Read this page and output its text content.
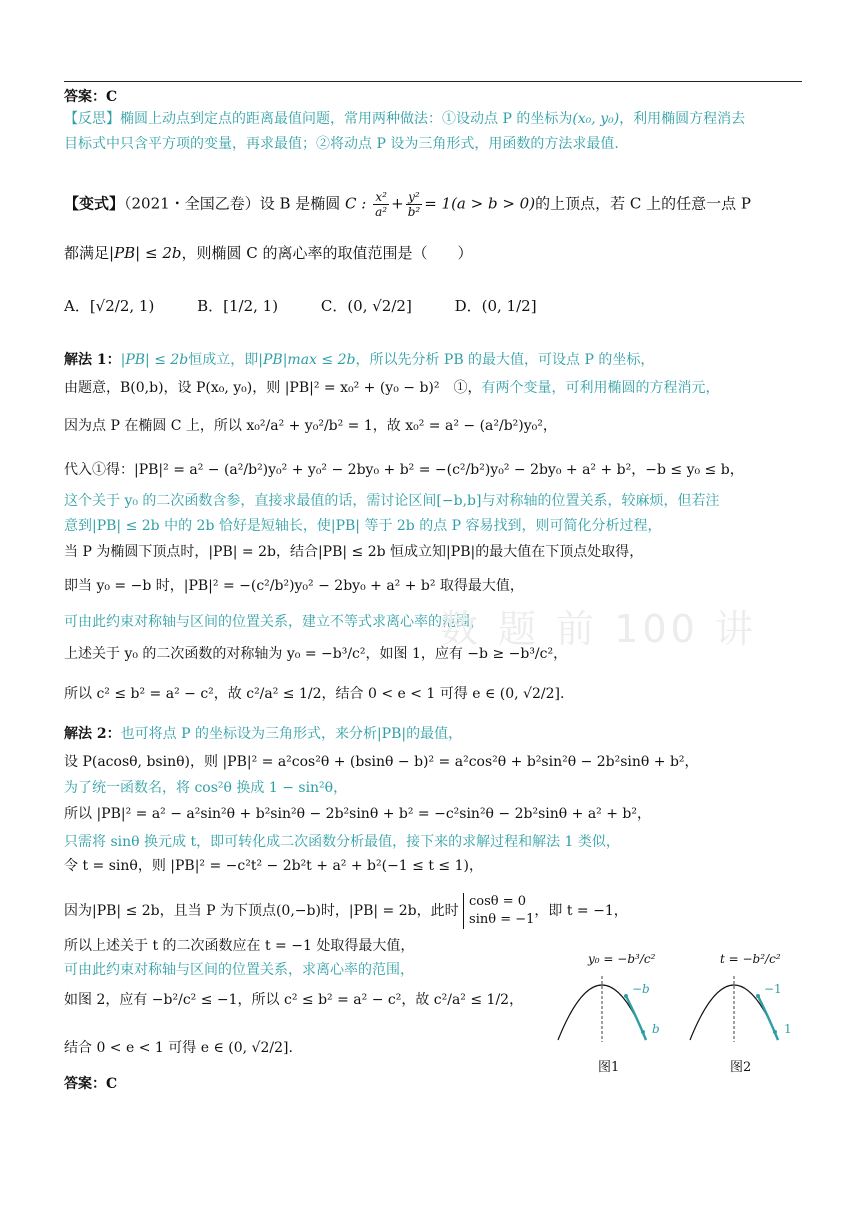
答案：C
【反思】椭圆上动点到定点的距离最值问题，常用两种做法：①设动点 P 的坐标为(x₀, y₀)，利用椭圆方程消去
目标式中只含平方项的变量，再求最值；②将动点 P 设为三角形式，用函数的方法求最值.
【变式】（2021・全国乙卷）设 B 是椭圆 C : $\frac{\text{x²}}{\text{a²}} + \frac{\text{y²}}{\text{b²}} = 1(a > b > 0)$的上顶点，若 C 上的任意一点 P
都满足|PB| ≤ 2b，则椭圆 C 的离心率的取值范围是（　　）
A．[√2/2, 1)	B．[1/2, 1)	C．(0, √2/2]	D．(0, 1/2]
解法 1：|PB| ≤ 2b恒成立，即|PB|max ≤ 2b，所以先分析 PB 的最大值，可设点 P 的坐标，
由题意，B(0,b)，设 P(x₀, y₀)，则 |PB|² = x₀² + (y₀ − b)²　①，有两个变量，可利用椭圆的方程消元，
因为点 P 在椭圆 C 上，所以 x₀²/a² + y₀²/b² = 1，故 x₀² = a² − (a²/b²)y₀²，
代入①得：|PB|² = a² − (a²/b²)y₀² + y₀² − 2by₀ + b² = −(c²/b²)y₀² − 2by₀ + a² + b²，−b ≤ y₀ ≤ b，
这个关于 y₀ 的二次函数含参，直接求最值的话，需讨论区间[−b,b]与对称轴的位置关系，较麻烦，但若注
意到|PB| ≤ 2b 中的 2b 恰好是短轴长，使|PB| 等于 2b 的点 P 容易找到，则可简化分析过程，
当 P 为椭圆下顶点时，|PB| = 2b，结合|PB| ≤ 2b 恒成立知|PB|的最大值在下顶点处取得，
即当 y₀ = −b 时，|PB|² = −(c²/b²)y₀² − 2by₀ + a² + b² 取得最大值，
可由此约束对称轴与区间的位置关系，建立不等式求离心率的范围，
上述关于 y₀ 的二次函数的对称轴为 y₀ = −b³/c²，如图 1，应有 −b ≥ −b³/c²，
所以 c² ≤ b² = a² − c²，故 c²/a² ≤ 1/2，结合 0 < e < 1 可得 e ∈ (0, √2/2].
数 题 前 100 讲
解法 2：也可将点 P 的坐标设为三角形式，来分析|PB|的最值，
设 P(acosθ, bsinθ)，则 |PB|² = a²cos²θ + (bsinθ − b)² = a²cos²θ + b²sin²θ − 2b²sinθ + b²，
为了统一函数名，将 cos²θ 换成 1 − sin²θ，
所以 |PB|² = a² − a²sin²θ + b²sin²θ − 2b²sinθ + b² = −c²sin²θ − 2b²sinθ + a² + b²，
只需将 sinθ 换元成 t，即可转化成二次函数分析最值，接下来的求解过程和解法 1 类似，
令 t = sinθ，则 |PB|² = −c²t² − 2b²t + a² + b²(−1 ≤ t ≤ 1)，
因为|PB| ≤ 2b，且当 P 为下顶点(0,−b)时，|PB| = 2b，此时
cosθ = 0
sinθ = −1
，即 t = −1，
所以上述关于 t 的二次函数应在 t = −1 处取得最大值，
可由此约束对称轴与区间的位置关系，求离心率的范围，
如图 2，应有 −b²/c² ≤ −1，所以 c² ≤ b² = a² − c²，故 c²/a² ≤ 1/2，
结合 0 < e < 1 可得 e ∈ (0, √2/2].
答案：C
y₀ = −b³/c²
−b
b
图1
t = −b²/c²
−1
1
图2
